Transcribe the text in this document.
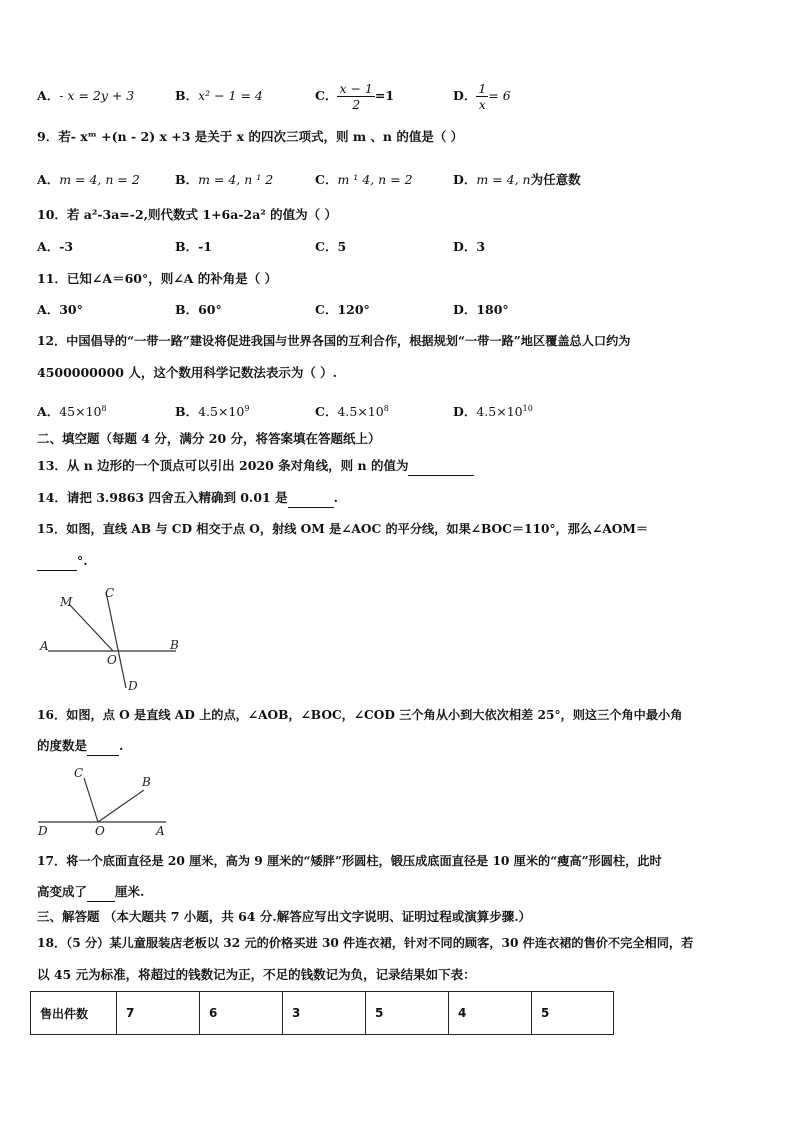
A．- x = 2y + 3	B．x² − 1 = 4	C． $\frac{x - 1}{2} =1$	D． $\frac{1}{x} = 6$
9．若- xᵐ +(n - 2) x +3 是关于 x 的四次三项式，则 m 、n 的值是（ ）
A．m = 4, n = 2	B．m = 4, n ¹ 2	C．m ¹ 4, n = 2	D．m = 4, n为任意数
10．若 a²-3a=-2,则代数式 1+6a-2a² 的值为（ ）
A．-3	B．-1	C．5	D．3
11．已知∠A＝60°，则∠A 的补角是（ ）
A．30°	B．60°	C．120°	D．180°
12．中国倡导的“一带一路”建设将促进我国与世界各国的互利合作，根据规划“一带一路”地区覆盖总人口约为
4500000000 人，这个数用科学记数法表示为（ ）.
A．$45\times 10^8$	B．$4.5\times 10^9$	C．$4.5\times 10^8$	D．$4.5\times 10^{10}$
二、填空题（每题 4 分，满分 20 分，将答案填在答题纸上）
13．从 n 边形的一个顶点可以引出 2020 条对角线，则 n 的值为
14．请把 3.9863 四舍五入精确到 0.01 是	.
15．如图，直线 AB 与 CD 相交于点 O，射线 OM 是∠AOC 的平分线，如果∠BOC＝110°，那么∠AOM＝
°.
M
C
A
O
B
D
16．如图，点 O 是直线 AD 上的点，∠AOB，∠BOC，∠COD 三个角从小到大依次相差 25°，则这三个角中最小角
的度数是	.
C
B
D	O	A
17．将一个底面直径是 20 厘米，高为 9 厘米的“矮胖”形圆柱，锻压成底面直径是 10 厘米的“瘦高”形圆柱，此时
高变成了 厘米.
三、解答题 （本大题共 7 小题，共 64 分.解答应写出文字说明、证明过程或演算步骤.）
18．（5 分）某儿童服装店老板以 32 元的价格买进 30 件连衣裙，针对不同的顾客，30 件连衣裙的售价不完全相同，若
以 45 元为标准，将超过的钱数记为正，不足的钱数记为负，记录结果如下表：
售出件数	7	6	3	5	4	5
